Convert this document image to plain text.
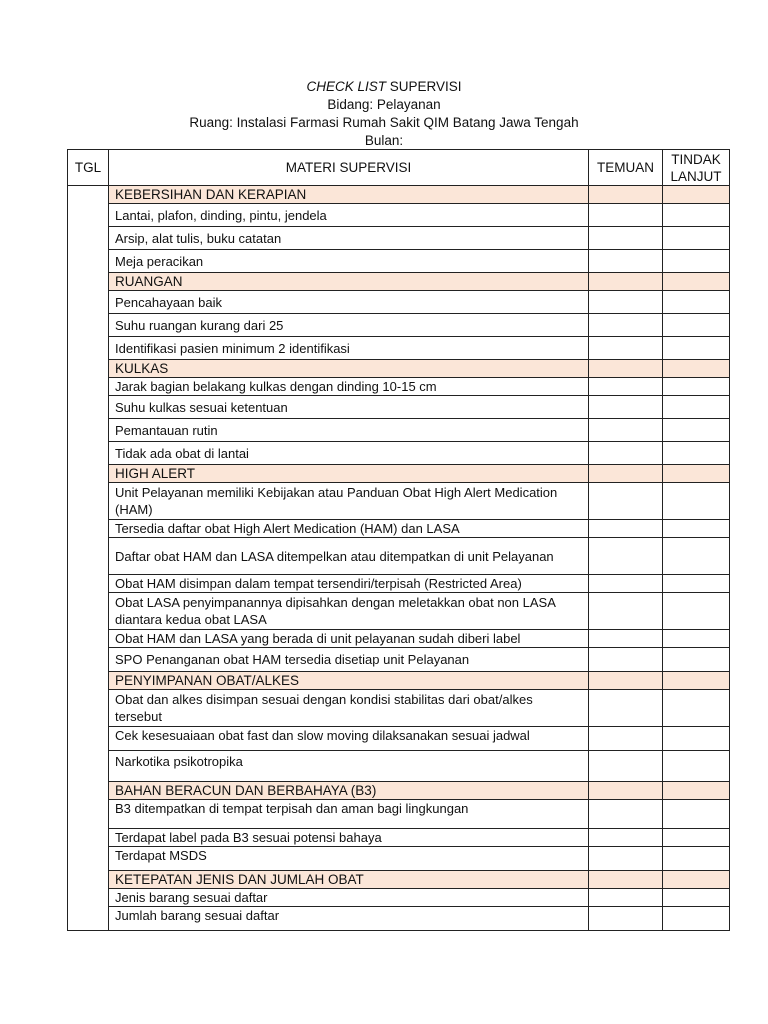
CHECK LIST SUPERVISI
Bidang: Pelayanan
Ruang: Instalasi Farmasi Rumah Sakit QIM Batang Jawa Tengah
Bulan:
TGL	MATERI SUPERVISI	TEMUAN	TINDAK
LANJUT
	KEBERSIHAN DAN KERAPIAN		
	Lantai, plafon, dinding, pintu, jendela		
	Arsip, alat tulis, buku catatan		
	Meja peracikan		
	RUANGAN		
	Pencahayaan baik		
	Suhu ruangan kurang dari 25		
	Identifikasi pasien minimum 2 identifikasi		
	KULKAS		
	Jarak bagian belakang kulkas dengan dinding 10-15 cm		
	Suhu kulkas sesuai ketentuan		
	Pemantauan rutin		
	Tidak ada obat di lantai		
	HIGH ALERT		
	Unit Pelayanan memiliki Kebijakan atau Panduan Obat High Alert Medication (HAM)		
	Tersedia daftar obat High Alert Medication (HAM) dan LASA		
	Daftar obat HAM dan LASA ditempelkan atau ditempatkan di unit Pelayanan		
	Obat HAM disimpan dalam tempat tersendiri/terpisah (Restricted Area)		
	Obat LASA penyimpanannya dipisahkan dengan meletakkan obat non LASA diantara kedua obat LASA		
	Obat HAM dan LASA yang berada di unit pelayanan sudah diberi label		
	SPO Penanganan obat HAM tersedia disetiap unit Pelayanan		
	PENYIMPANAN OBAT/ALKES		
	Obat dan alkes disimpan sesuai dengan kondisi stabilitas dari obat/alkes tersebut		
	Cek kesesuaiaan obat fast dan slow moving dilaksanakan sesuai jadwal		
	Narkotika psikotropika		
	BAHAN BERACUN DAN BERBAHAYA (B3)		
	B3 ditempatkan di tempat terpisah dan aman bagi lingkungan		
	Terdapat label pada B3 sesuai potensi bahaya		
	Terdapat MSDS		
	KETEPATAN JENIS DAN JUMLAH OBAT		
	Jenis barang sesuai daftar		
	Jumlah barang sesuai daftar		
